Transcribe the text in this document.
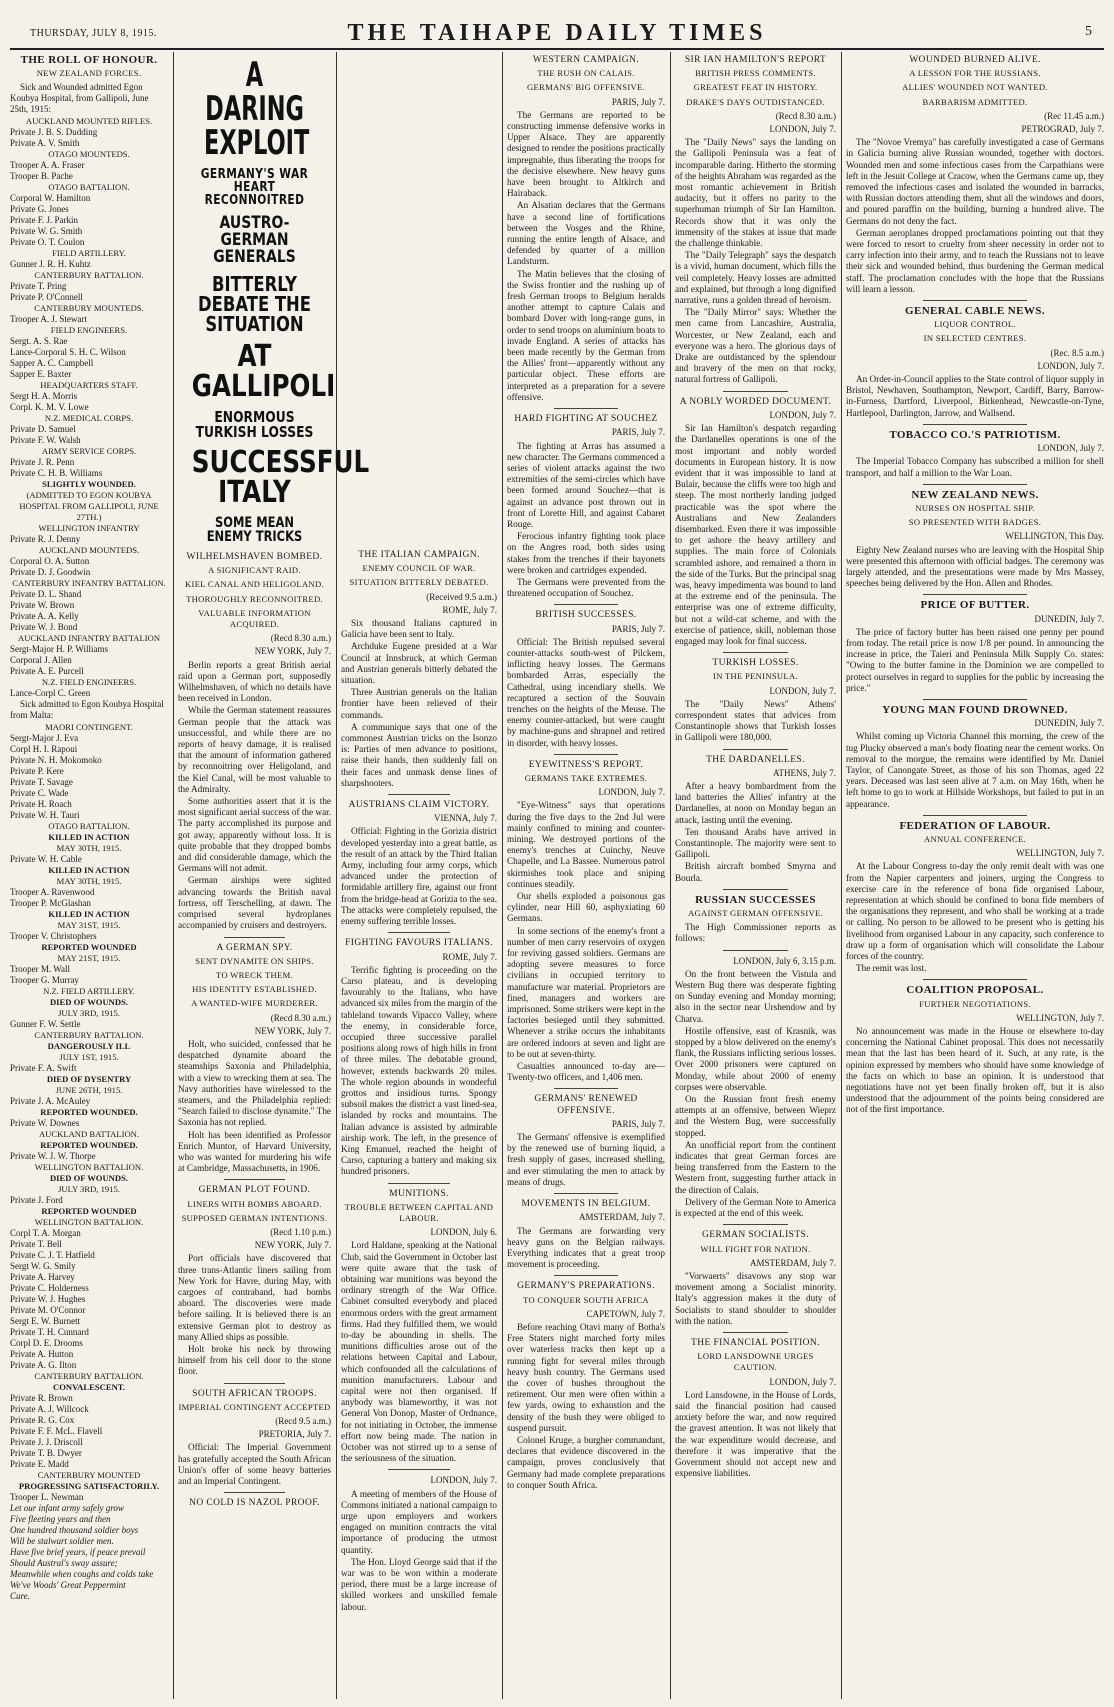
THURSDAY, JULY 8, 1915.	THE TAIHAPE DAILY TIMES	5
THE ROLL OF HONOUR.
NEW ZEALAND FORCES.
Sick and Wounded admitted Egon Koubya Hospital, from Gallipoli, June 25th, 1915:
AUCKLAND MOUNTED RIFLES.
Private J. B. S. Dudding
Private A. V. Smith
OTAGO MOUNTEDS.
Trooper A. A. Fraser
Trooper B. Pache
OTAGO BATTALION.
Corporal W. Hamilton
Private G. Jones
Private F. J. Parkin
Private W. G. Smith
Private O. T. Coulon
FIELD ARTILLERY.
Gunner J. R. H. Kuhtz
CANTERBURY BATTALION.
Private T. Pring
Private P. O'Connell
CANTERBURY MOUNTEDS.
Trooper A. J. Stewart
FIELD ENGINEERS.
Sergt. A. S. Rae
Lance-Corporal S. H. C. Wilson
Sapper A. C. Campbell
Sapper E. Baxter
HEADQUARTERS STAFF.
Sergt H. A. Morris
Corpl. K. M. V. Lowe
N.Z. MEDICAL CORPS.
Private D. Samuel
Private F. W. Walsh
ARMY SERVICE CORPS.
Private J. R. Penn
Private C. H. B. Williams
SLIGHTLY WOUNDED.
(ADMITTED TO EGON KOUBYA HOSPITAL FROM GALLIPOLI, JUNE 27TH.)
WELLINGTON INFANTRY
Private R. J. Denny
AUCKLAND MOUNTEDS.
Corporal O. A. Sutton
Private D. J. Goodwin
CANTERBURY INFANTRY BATTALION.
Private D. L. Shand
Private W. Brown
Private A. A. Kelly
Private W. J. Bond
AUCKLAND INFANTRY BATTALION
Sergt-Major H. P. Williams
Corporal J. Allen
Private A. E. Purcell
N.Z. FIELD ENGINEERS.
Lance-Corpl C. Green
Sick admitted to Egon Koubya Hospital from Malta:
MAORI CONTINGENT.
Sergt-Major J. Eva
Corpl H. I. Rapoui
Private N. H. Mokomoko
Private P. Kere
Private T. Savage
Private C. Wade
Private H. Roach
Private W. H. Tauri
OTAGO BATTALION.
KILLED IN ACTION
MAY 30TH, 1915.
Private W. H. Cable
KILLED IN ACTION
MAY 30TH, 1915.
Trooper A. Ravenwood
Trooper P. McGlashan
KILLED IN ACTION
MAY 31ST, 1915.
Trooper V. Christophers
REPORTED WOUNDED
MAY 21ST, 1915.
Trooper M. Wall
Trooper G. Murray
N.Z. FIELD ARTILLERY.
DIED OF WOUNDS.
JULY 3RD, 1915.
Gunner F. W. Settle
CANTERBURY BATTALION.
DANGEROUSLY ILL
JULY 1ST, 1915.
Private F. A. Swift
DIED OF DYSENTRY
JUNE 26TH, 1915.
Private J. A. McAuley
REPORTED WOUNDED.
Private W. Downes
AUCKLAND BATTALION.
REPORTED WOUNDED.
Private W. J. W. Thorpe
WELLINGTON BATTALION.
DIED OF WOUNDS.
JULY 3RD, 1915.
Private J. Ford
REPORTED WOUNDED
WELLINGTON BATTALION.
Corpl T. A. Morgan
Private T. Bell
Private C. J. T. Hatfield
Sergt W. G. Smily
Private A. Harvey
Private C. Holderness
Private W. J. Hughes
Private M. O'Connor
Sergt E. W. Burnett
Private T. H. Cunnard
Corpl D. E. Drooms
Private A. Hutton
Private A. G. Ilton
CANTERBURY BATTALION.
CONVALESCENT.
Private R. Brown
Private A. J. Willcock
Private R. G. Cox
Private F. F. McL. Flavell
Private J. J. Driscoll
Private T. B. Dwyer
Private E. Madd
CANTERBURY MOUNTED
PROGRESSING SATISFACTORILY.
Trooper L. Newman
Let our infant army safely grow
Five fleeting years and then
One hundred thousand soldier boys
Will be stalwart soldier men.
Have five brief years, if peace prevail
Should Austral's sway assure;
Meanwhile when coughs and colds take
We've Woods' Great Peppermint
Cure.
A DARING EXPLOIT
GERMANY'S WAR HEART RECONNOITRED
AUSTRO-GERMAN GENERALS
BITTERLY DEBATE THE SITUATION
AT GALLIPOLI
ENORMOUS TURKISH LOSSES
SUCCESSFUL ITALY
SOME MEAN ENEMY TRICKS
WILHELMSHAVEN BOMBED.
A SIGNIFICANT RAID.
KIEL CANAL AND HELIGOLAND.
THOROUGHLY RECONNOITRED.
VALUABLE INFORMATION ACQUIRED.
(Recd 8.30 a.m.)
NEW YORK, July 7.
Berlin reports a great British aerial raid upon a German port, supposedly Wilhelmshaven, of which no details have been received in London.
While the German statement reassures German people that the attack was unsuccessful, and while there are no reports of heavy damage, it is realised that the amount of information gathered by reconnoitring over Heligoland, and the Kiel Canal, will be most valuable to the Admiralty.
Some authorities assert that it is the most significant aerial success of the war. The party accomplished its purpose and got away, apparently without loss. It is quite probable that they dropped bombs and did considerable damage, which the Germans will not admit.
German airships were sighted advancing towards the British naval fortress, off Terschelling, at dawn. The comprised several hydroplanes accompanied by cruisers and destroyers.
A GERMAN SPY.
SENT DYNAMITE ON SHIPS.
TO WRECK THEM.
HIS IDENTITY ESTABLISHED.
A WANTED-WIFE MURDERER.
(Recd 8.30 a.m.)
NEW YORK, July 7.
Holt, who suicided, confessed that he despatched dynamite aboard the steamships Saxonia and Philadelphia, with a view to wrecking them at sea. The Navy authorities have wirelessed to the steamers, and the Philadelphia replied: "Search failed to disclose dynamite." The Saxonia has not replied.
Holt has been identified as Professor Enrich Muntor, of Harvard University, who was wanted for murdering his wife at Cambridge, Massachusetts, in 1906.
GERMAN PLOT FOUND.
LINERS WITH BOMBS ABOARD.
SUPPOSED GERMAN INTENTIONS.
(Recd 1.10 p.m.)
NEW YORK, July 7.
Port officials have discovered that three trans-Atlantic liners sailing from New York for Havre, during May, with cargoes of contraband, had bombs aboard. The discoveries were made before sailing. It is believed there is an extensive German plot to destroy as many Allied ships as possible.
Holt broke his neck by throwing himself from his cell door to the stone floor.
SOUTH AFRICAN TROOPS.
IMPERIAL CONTINGENT ACCEPTED
(Recd 9.5 a.m.)
PRETORIA, July 7.
Official: The Imperial Government has gratefully accepted the South African Union's offer of some heavy batteries and an Imperial Contingent.
NO COLD IS NAZOL PROOF.
THE ITALIAN CAMPAIGN.
ENEMY COUNCIL OF WAR.
SITUATION BITTERLY DEBATED.
(Received 9.5 a.m.)
ROME, July 7.
Six thousand Italians captured in Galicia have been sent to Italy.
Archduke Eugene presided at a War Council at Innsbruck, at which German and Austrian generals bitterly debated the situation.
Three Austrian generals on the Italian frontier have been relieved of their commands.
A communique says that one of the commonest Austrian tricks on the Isonzo is: Parties of men advance to positions, raise their hands, then suddenly fall on their faces and unmask dense lines of sharpshooters.
AUSTRIANS CLAIM VICTORY.
VIENNA, July 7.
Official: Fighting in the Gorizia district developed yesterday into a great battle, as the result of an attack by the Third Italian Army, including four army corps, which advanced under the protection of formidable artillery fire, against our front from the bridge-head at Gorizia to the sea. The attacks were completely repulsed, the enemy suffering terrible losses.
FIGHTING FAVOURS ITALIANS.
ROME, July 7.
Terrific fighting is proceeding on the Carso plateau, and is developing favourably to the Italians, who have advanced six miles from the margin of the tableland towards Vipacco Valley, where the enemy, in considerable force, occupied three successive parallel positions along rows of high hills in front of three miles. The debatable ground, however, extends backwards 20 miles. The whole region abounds in wonderful grottos and insidious turns. Spongy subsoil makes the district a vast lined-sea, islanded by rocks and mountains. The Italian advance is assisted by admirable airship work. The left, in the presence of King Emanuel, reached the height of Carso, capturing a battery and making six hundred prisoners.
MUNITIONS.
TROUBLE BETWEEN CAPITAL AND LABOUR.
LONDON, July 6.
Lord Haldane, speaking at the National Club, said the Government in October last were quite aware that the task of obtaining war munitions was beyond the ordinary strength of the War Office. Cabinet consulted everybody and placed enormous orders with the great armament firms. Had they fulfilled them, we would to-day be abounding in shells. The munitions difficulties arose out of the relations between Capital and Labour, which confounded all the calculations of munition manufacturers. Labour and capital were not then organised. If anybody was blameworthy, it was not General Von Donop, Master of Ordnance, for not initiating in October, the immense effort now being made. The nation in October was not stirred up to a sense of the seriousness of the situation.
LONDON, July 7.
A meeting of members of the House of Commons initiated a national campaign to urge upon employers and workers engaged on munition contracts the vital importance of producing the utmost quantity.
The Hon. Lloyd George said that if the war was to be won within a moderate period, there must be a large increase of skilled workers and unskilled female labour.
WESTERN CAMPAIGN.
THE RUSH ON CALAIS.
GERMANS' BIG OFFENSIVE.
PARIS, July 7.
The Germans are reported to be constructing immense defensive works in Upper Alsace. They are apparently designed to render the positions practically impregnable, thus liberating the troops for the decisive elsewhere. New heavy guns have been brought to Altkirch and Hairaback.
An Alsatian declares that the Germans have a second line of fortifications between the Vosges and the Rhine, running the entire length of Alsace, and defended by quarter of a million Landsturm.
The Matin believes that the closing of the Swiss frontier and the rushing up of fresh German troops to Belgium heralds another attempt to capture Calais and bombard Dover with long-range guns, in order to send troops on aluminium boats to invade England. A series of attacks has been made recently by the German from the Allies' front—apparently without any particular object. These efforts are interpreted as a preparation for a severe offensive.
HARD FIGHTING AT SOUCHEZ
PARIS, July 7.
The fighting at Arras has assumed a new character. The Germans commenced a series of violent attacks against the two extremities of the semi-circles which have been formed around Souchez—that is against an advance post thrown out in front of Lorette Hill, and against Cabaret Rouge.
Ferocious infantry fighting took place on the Angres road, both sides using stakes from the trenches if their bayonets were broken and cartridges expended.
The Germans were prevented from the threatened occupation of Souchez.
BRITISH SUCCESSES.
PARIS, July 7.
Official: The British repulsed several counter-attacks south-west of Pilckem, inflicting heavy losses. The Germans bombarded Arras, especially the Cathedral, using incendiary shells. We recaptured a section of the Souvain trenches on the heights of the Meuse. The enemy counter-attacked, but were caught by machine-guns and shrapnel and retired in disorder, with heavy losses.
EYEWITNESS'S REPORT.
GERMANS TAKE EXTREMES.
LONDON, July 7.
"Eye-Witness" says that operations during the five days to the 2nd Jul were mainly confined to mining and counter-mining. We destroyed portions of the enemy's trenches at Cuinchy, Neuve Chapelle, and La Bassee. Numerous patrol skirmishes took place and sniping continues steadily.
Our shells exploded a poisonous gas cylinder, near Hill 60, asphyxiating 60 Germans.
In some sections of the enemy's front a number of men carry reservoirs of oxygen for reviving gassed soldiers. Germans are adopting severe measures to force civilians in occupied territory to manufacture war material. Proprietors are fined, managers and workers are imprisoned. Some strikers were kept in the factories besieged until they submitted. Whenever a strike occurs the inhabitants are ordered indoors at seven and light are to be out at seven-thirty.
Casualties announced to-day are—Twenty-two officers, and 1,406 men.
GERMANS' RENEWED OFFENSIVE.
PARIS, July 7.
The Germans' offensive is exemplified by the renewed use of burning liquid, a fresh supply of gases, increased shelling, and ever stimulating the men to attack by means of drugs.
MOVEMENTS IN BELGIUM.
AMSTERDAM, July 7.
The Germans are forwarding very heavy guns on the Belgian railways. Everything indicates that a great troop movement is proceeding.
GERMANY'S PREPARATIONS.
TO CONQUER SOUTH AFRICA
CAPETOWN, July 7.
Before reaching Otavi many of Botha's Free Staters night marched forty miles over waterless tracks then kept up a running fight for several miles through heavy bush country. The Germans used the cover of bushes throughout the retirement. Our men were often within a few yards, owing to exhaustion and the density of the bush they were obliged to suspend pursuit.
Colonel Kruge, a burgher commandant, declares that evidence discovered in the campaign, proves conclusively that Germany had made complete preparations to conquer South Africa.
SIR IAN HAMILTON'S REPORT
BRITISH PRESS COMMENTS.
GREATEST FEAT IN HISTORY.
DRAKE'S DAYS OUTDISTANCED.
(Recd 8.30 a.m.)
LONDON, July 7.
The "Daily News" says the landing on the Gallipoli Peninsula was a feat of incomparable daring. Hitherto the storming of the heights Abraham was regarded as the most romantic achievement in British audacity, but it offers no parity to the superhuman triumph of Sir Ian Hamilton. Records show that it was only the immensity of the stakes at issue that made the challenge thinkable.
The "Daily Telegraph" says the despatch is a vivid, human document, which fills the veil completely. Heavy losses are admitted and explained, but through a long dignified narrative, runs a golden thread of heroism.
The "Daily Mirror" says: Whether the men came from Lancashire, Australia, Worcester, or New Zealand, each and everyone was a hero. The glorious days of Drake are outdistanced by the splendour and bravery of the men on that rocky, natural fortress of Gallipoli.
A NOBLY WORDED DOCUMENT.
LONDON, July 7.
Sir Ian Hamilton's despatch regarding the Dardanelles operations is one of the most important and nobly worded documents in European history. It is now evident that it was impossible to land at Bulair, because the cliffs were too high and steep. The most northerly landing judged practicable was the spot where the Australians and New Zealanders disembarked. Even there it was impossible to get ashore the heavy artillery and supplies. The main force of Colonials scrambled ashore, and remained a thorn in the side of the Turks. But the principal snag was, heavy impedimenta was bound to land at the extreme end of the peninsula. The enterprise was one of extreme difficulty, but not a wild-cat scheme, and with the exercise of patience, skill, nobleman those engaged may look for final success.
TURKISH LOSSES.
IN THE PENINSULA.
LONDON, July 7.
The "Daily News" Athens' correspondent states that advices from Constantinople shows that Turkish losses in Gallipoli were 180,000.
THE DARDANELLES.
ATHENS, July 7.
After a heavy bombardment from the land batteries the Allies' infantry at the Dardanelles, at noon on Monday began an attack, lasting until the evening.
Ten thousand Arabs have arrived in Constantinople. The majority were sent to Gallipoli.
British aircraft bombed Smyrna and Bourla.
RUSSIAN SUCCESSES
AGAINST GERMAN OFFENSIVE.
The High Commissioner reports as follows:
LONDON, July 6, 3.15 p.m.
On the front between the Vistula and Western Bug there was desperate fighting on Sunday evening and Monday morning; also in the sector near Urshendow and by Chatva.
Hostile offensive, east of Krasnik, was stopped by a blow delivered on the enemy's flank, the Russians inflicting serious losses. Over 2000 prisoners were captured on Monday, while about 2000 of enemy corpses were observable.
On the Russian front fresh enemy attempts at an offensive, between Wieprz and the Western Bug, were successfully stopped.
An unofficial report from the continent indicates that great German forces are being transferred from the Eastern to the Western front, suggesting further attack in the direction of Calais.
Delivery of the German Note to America is expected at the end of this week.
GERMAN SOCIALISTS.
WILL FIGHT FOR NATION.
AMSTERDAM, July 7.
"Vorwaerts" disavows any stop war movement among a Socialist minority. Italy's aggression makes it the duty of Socialists to stand shoulder to shoulder with the nation.
THE FINANCIAL POSITION.
LORD LANSDOWNE URGES CAUTION.
LONDON, July 7.
Lord Lansdowne, in the House of Lords, said the financial position had caused anxiety before the war, and now required the gravest attention. It was not likely that the war expenditure would decrease, and therefore it was imperative that the Government should not accept new and expensive liabilities.
WOUNDED BURNED ALIVE.
A LESSON FOR THE RUSSIANS.
ALLIES' WOUNDED NOT WANTED.
BARBARISM ADMITTED.
(Rec 11.45 a.m.)
PETROGRAD, July 7.
The "Novoe Vremya" has carefully investigated a case of Germans in Galicia burning alive Russian wounded, together with doctors. Wounded men and some infectious cases from the Carpathians were left in the Jesuit College at Cracow, when the Germans came up, they removed the infectious cases and isolated the wounded in barracks, with Russian doctors attending them, shut all the windows and doors, and poured paraffin on the building, burning a hundred alive. The Germans do not deny the fact.
German aeroplanes dropped proclamations pointing out that they were forced to resort to cruelty from sheer necessity in order not to carry infection into their army, and to teach the Russians not to leave their sick and wounded behind, thus burdening the German medical staff. The proclamation concludes with the hope that the Russians will learn a lesson.
GENERAL CABLE NEWS.
LIQUOR CONTROL.
IN SELECTED CENTRES.
(Rec. 8.5 a.m.)
LONDON, July 7.
An Order-in-Council applies to the State control of liquor supply in Bristol, Newhaven, Southampton, Newport, Cardiff, Barry, Barrow-in-Furness, Dartford, Liverpool, Birkenhead, Newcastle-on-Tyne, Hartlepool, Darlington, Jarrow, and Wallsend.
TOBACCO CO.'S PATRIOTISM.
LONDON, July 7.
The Imperial Tobacco Company has subscribed a million for shell transport, and half a million to the War Loan.
NEW ZEALAND NEWS.
NURSES ON HOSPITAL SHIP.
SO PRESENTED WITH BADGES.
WELLINGTON, This Day.
Eighty New Zealand nurses who are leaving with the Hospital Ship were presented this afternoon with official badges. The ceremony was largely attended, and the presentations were made by Mrs Massey, speeches being delivered by the Hon. Allen and Rhodes.
PRICE OF BUTTER.
DUNEDIN, July 7.
The price of factory butter has been raised one penny per pound from today. The retail price is now 1/8 per pound. In announcing the increase in price, the Taieri and Peninsula Milk Supply Co. states: "Owing to the butter famine in the Dominion we are compelled to protect ourselves in regard to supplies for the public by increasing the price."
YOUNG MAN FOUND DROWNED.
DUNEDIN, July 7.
Whilst coming up Victoria Channel this morning, the crew of the tug Plucky observed a man's body floating near the cement works. On removal to the morgue, the remains were identified by Mr. Daniel Taylor, of Canongate Street, as those of his son Thomas, aged 22 years. Deceased was last seen alive at 7 a.m. on May 16th, when he left home to go to work at Hillside Workshops, but failed to put in an appearance.
FEDERATION OF LABOUR.
ANNUAL CONFERENCE.
WELLINGTON, July 7.
At the Labour Congress to-day the only remit dealt with was one from the Napier carpenters and joiners, urging the Congress to exercise care in the reference of bona fide organised Labour, representation at which should be confined to bona fide members of the organisations they represent, and who shall be working at a trade or calling. No person to be allowed to be present who is getting his livelihood from organised Labour in any capacity, such conference to draw up a form of organisation which will consolidate the Labour forces of the country.
The remit was lost.
COALITION PROPOSAL.
FURTHER NEGOTIATIONS.
WELLINGTON, July 7.
No announcement was made in the House or elsewhere to-day concerning the National Cabinet proposal. This does not necessarily mean that the last has been heard of it. Such, at any rate, is the opinion expressed by members who should have some knowledge of the facts on which to base an opinion. It is understood that negotiations have not yet been finally broken off, but it is also understood that the adjournment of the points being considered are not of the first importance.
